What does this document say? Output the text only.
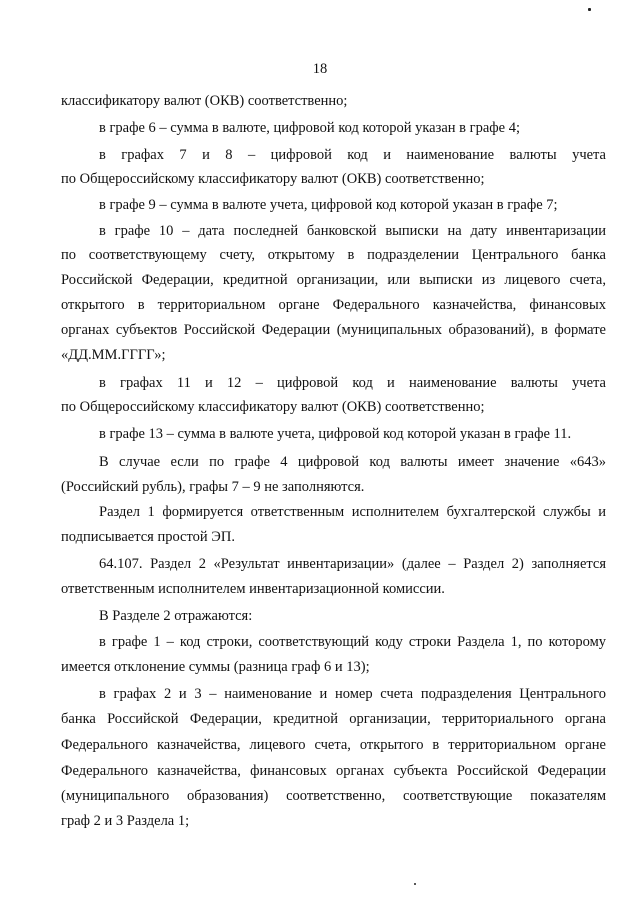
18
классификатору валют (ОКВ) соответственно;
в графе 6 – сумма в валюте, цифровой код которой указан в графе 4;
в графах 7 и 8 – цифровой код и наименование валюты учета
по Общероссийскому классификатору валют (ОКВ) соответственно;
в графе 9 – сумма в валюте учета, цифровой код которой указан в графе 7;
в графе 10 – дата последней банковской выписки на дату инвентаризации
по соответствующему счету, открытому в подразделении Центрального банка
Российской Федерации, кредитной организации, или выписки из лицевого счета,
открытого в территориальном органе Федерального казначейства, финансовых
органах субъектов Российской Федерации (муниципальных образований), в формате
«ДД.ММ.ГГГГ»;
в графах 11 и 12 – цифровой код и наименование валюты учета
по Общероссийскому классификатору валют (ОКВ) соответственно;
в графе 13 – сумма в валюте учета, цифровой код которой указан в графе 11.
В случае если по графе 4 цифровой код валюты имеет значение «643»
(Российский рубль), графы 7 – 9 не заполняются.
Раздел 1 формируется ответственным исполнителем бухгалтерской службы и
подписывается простой ЭП.
64.107. Раздел 2 «Результат инвентаризации» (далее – Раздел 2) заполняется
ответственным исполнителем инвентаризационной комиссии.
В Разделе 2 отражаются:
в графе 1 – код строки, соответствующий коду строки Раздела 1, по которому
имеется отклонение суммы (разница граф 6 и 13);
в графах 2 и 3 – наименование и номер счета подразделения Центрального
банка Российской Федерации, кредитной организации, территориального органа
Федерального казначейства, лицевого счета, открытого в территориальном органе
Федерального казначейства, финансовых органах субъекта Российской Федерации
(муниципального образования) соответственно, соответствующие показателям
граф 2 и 3 Раздела 1;
